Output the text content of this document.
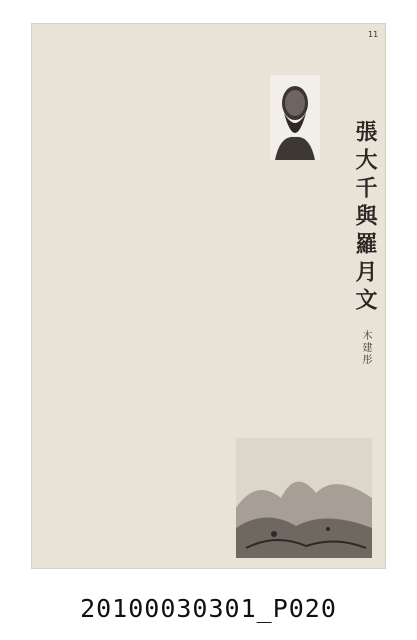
11
張大千與羅月文
木建彤
20100030301_P020
